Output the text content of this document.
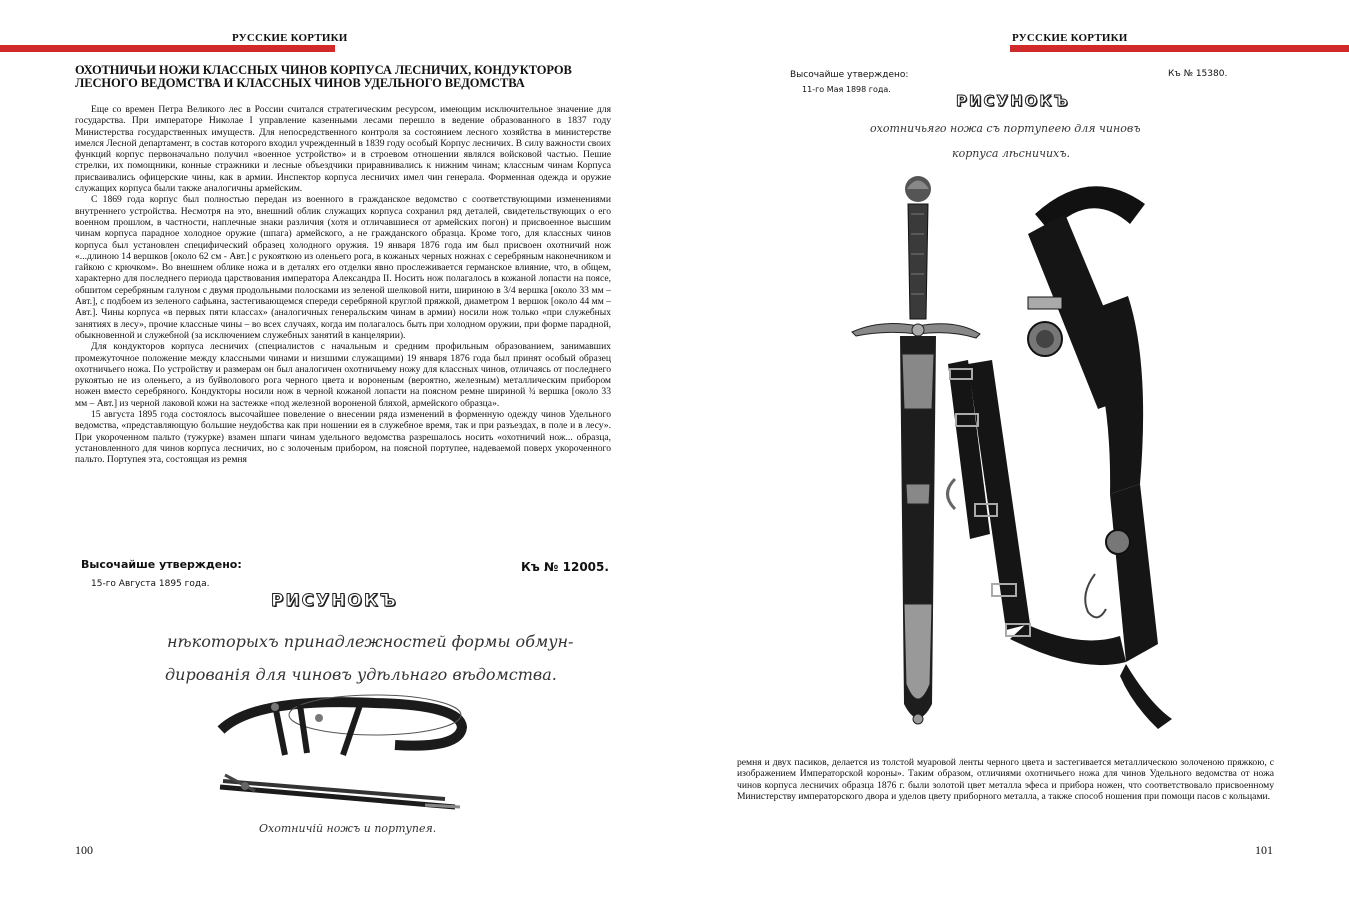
РУССКИЕ КОРТИКИ
ОХОТНИЧЬИ НОЖИ КЛАССНЫХ ЧИНОВ КОРПУСА ЛЕСНИЧИХ, КОНДУКТОРОВ ЛЕСНОГО ВЕДОМСТВА И КЛАССНЫХ ЧИНОВ УДЕЛЬНОГО ВЕДОМСТВА

Еще со времен Петра Великого лес в России считался стратегическим ресурсом, имеющим исключительное значение для государства. При императоре Николае I управление казенными лесами перешло в ведение образованного в 1837 году Министерства государственных имуществ. Для непосредственного контроля за состоянием лесного хозяйства в министерстве имелся Лесной департамент, в состав которого входил учрежденный в 1839 году особый Корпус лесничих. В силу важности своих функций корпус первоначально получил «военное устройство» и в строевом отношении являлся войсковой частью. Пешие стрелки, их помощники, конные стражники и лесные объездчики приравнивались к нижним чинам; классным чинам Корпуса присваивались офицерские чины, как в армии. Инспектор корпуса лесничих имел чин генерала. Форменная одежда и оружие служащих корпуса были также аналогичны армейским.

С 1869 года корпус был полностью передан из военного в гражданское ведомство с соответствующими изменениями внутреннего устройства. Несмотря на это, внешний облик служащих корпуса сохранил ряд деталей, свидетельствующих о его военном прошлом, в частности, наплечные знаки различия (хотя и отличавшиеся от армейских погон) и присвоенное высшим чинам корпуса парадное холодное оружие (шпага) армейского, а не гражданского образца. Кроме того, для классных чинов корпуса был установлен специфический образец холодного оружия. 19 января 1876 года им был присвоен охотничий нож «...длиною 14 вершков [около 62 см - Авт.] с рукояткою из оленьего рога, в кожаных черных ножнах с серебряным наконечником и гайкою с крючком». Во внешнем облике ножа и в деталях его отделки явно прослеживается германское влияние, что, в общем, характерно для последнего периода царствования императора Александра II. Носить нож полагалось в кожаной лопасти на поясе, обшитом серебряным галуном с двумя продольными полосками из зеленой шелковой нити, шириною в 3/4 вершка [около 33 мм – Авт.], с подбоем из зеленого сафьяна, застегивающемся спереди серебряной круглой пряжкой, диаметром 1 вершок [около 44 мм – Авт.]. Чины корпуса «в первых пяти классах» (аналогичных генеральским чинам в армии) носили нож только «при служебных занятиях в лесу», прочие классные чины – во всех случаях, когда им полагалось быть при холодном оружии, при форме парадной, обыкновенной и служебной (за исключением служебных занятий в канцелярии).

Для кондукторов корпуса лесничих (специалистов с начальным и средним профильным образованием, занимавших промежуточное положение между классными чинами и низшими служащими) 19 января 1876 года был принят особый образец охотничьего ножа. По устройству и размерам он был аналогичен охотничьему ножу для классных чинов, отличаясь от последнего рукоятью не из оленьего, а из буйволового рога черного цвета и вороненым (вероятно, железным) металлическим прибором ножен вместо серебряного. Кондукторы носили нож в черной кожаной лопасти на поясном ремне шириной ¾ вершка [около 33 мм – Авт.] из черной лаковой кожи на застежке «под железной вороненой бляхой, армейского образца».

15 августа 1895 года состоялось высочайшее повеление о внесении ряда изменений в форменную одежду чинов Удельного ведомства, «представляющую большие неудобства как при ношении ея в служебное время, так и при разъездах, в поле и в лесу». При укороченном пальто (тужурке) взамен шпаги чинам удельного ведомства разрешалось носить «охотничий нож... образца, установленного для чинов корпуса лесничих, но с золоченым прибором, на поясной портупее, надеваемой поверх укороченного пальто. Портупея эта, состоящая из ремня

Высочайше утверждено:
15-го Августа 1895 года.
Къ № 12005.
РИСУНОКЪ
нѣкоторыхъ принадлежностей формы обмун-
дированія для чиновъ удѣльнаго вѣдомства.
Охотничій ножъ и портупея.
100
РУССКИЕ КОРТИКИ
Высочайше утверждено:
11-го Мая 1898 года.
Къ № 15380.
РИСУНОКЪ
охотничьяго ножа съ портупеею для чиновъ
корпуса лѣсничихъ.

ремня и двух пасиков, делается из толстой муаровой ленты черного цвета и застегивается металлическою золоченою пряжкою, с изображением Императорской короны». Таким образом, отличиями охотничьего ножа для чинов Удельного ведомства от ножа чинов корпуса лесничих образца 1876 г. были золотой цвет металла эфеса и прибора ножен, что соответствовало присвоенному Министерству императорского двора и уделов цвету приборного металла, а также способ ношения при помощи пасов с кольцами.

101
